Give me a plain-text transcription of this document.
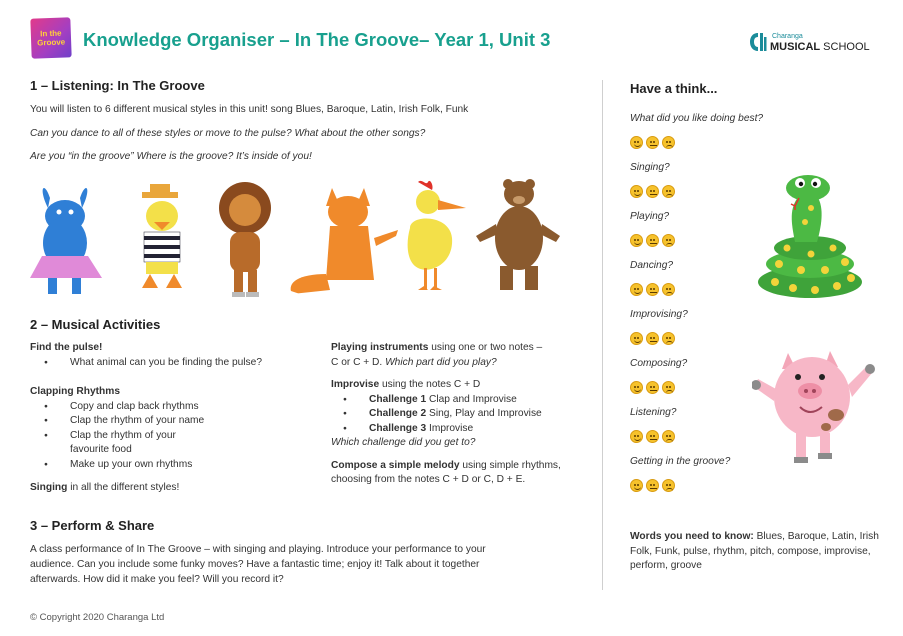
In the
Groove Knowledge Organiser – In The Groove– Year 1, Unit 3	Charanga
MUSICAL SCHOOL
1 – Listening: In The Groove
You will listen to 6 different musical styles in this unit! song Blues, Baroque, Latin, Irish Folk, Funk
Can you dance to all of these styles or move to the pulse? What about the other songs?
Are you “in the groove” Where is the groove? It’s inside of you!
2 – Musical Activities
Find the pulse!
● What animal can you be finding the pulse?
Clapping Rhythms
● Copy and clap back rhythms
● Clap the rhythm of your name
● Clap the rhythm of your
favourite food
● Make up your own rhythms
Singing in all the different styles!
Playing instruments using one or two notes –
C or C + D. Which part did you play?
Improvise using the notes C + D
● Challenge 1 Clap and Improvise
● Challenge 2 Sing, Play and Improvise
● Challenge 3 Improvise
Which challenge did you get to?
Compose a simple melody using simple rhythms,
choosing from the notes C + D or C, D + E.
3 – Perform & Share
A class performance of In The Groove – with singing and playing. Introduce your performance to your
audience. Can you include some funky moves? Have a fantastic time; enjoy it! Talk about it together
afterwards. How did it make you feel? Will you record it?
Have a think...
What did you like doing best?
Singing?
Playing?
Dancing?
Improvising?
Composing?
Listening?
Getting in the groove?
Words you need to know: Blues, Baroque, Latin, Irish Folk, Funk, pulse, rhythm, pitch, compose, improvise, perform, groove
© Copyright 2020 Charanga Ltd
